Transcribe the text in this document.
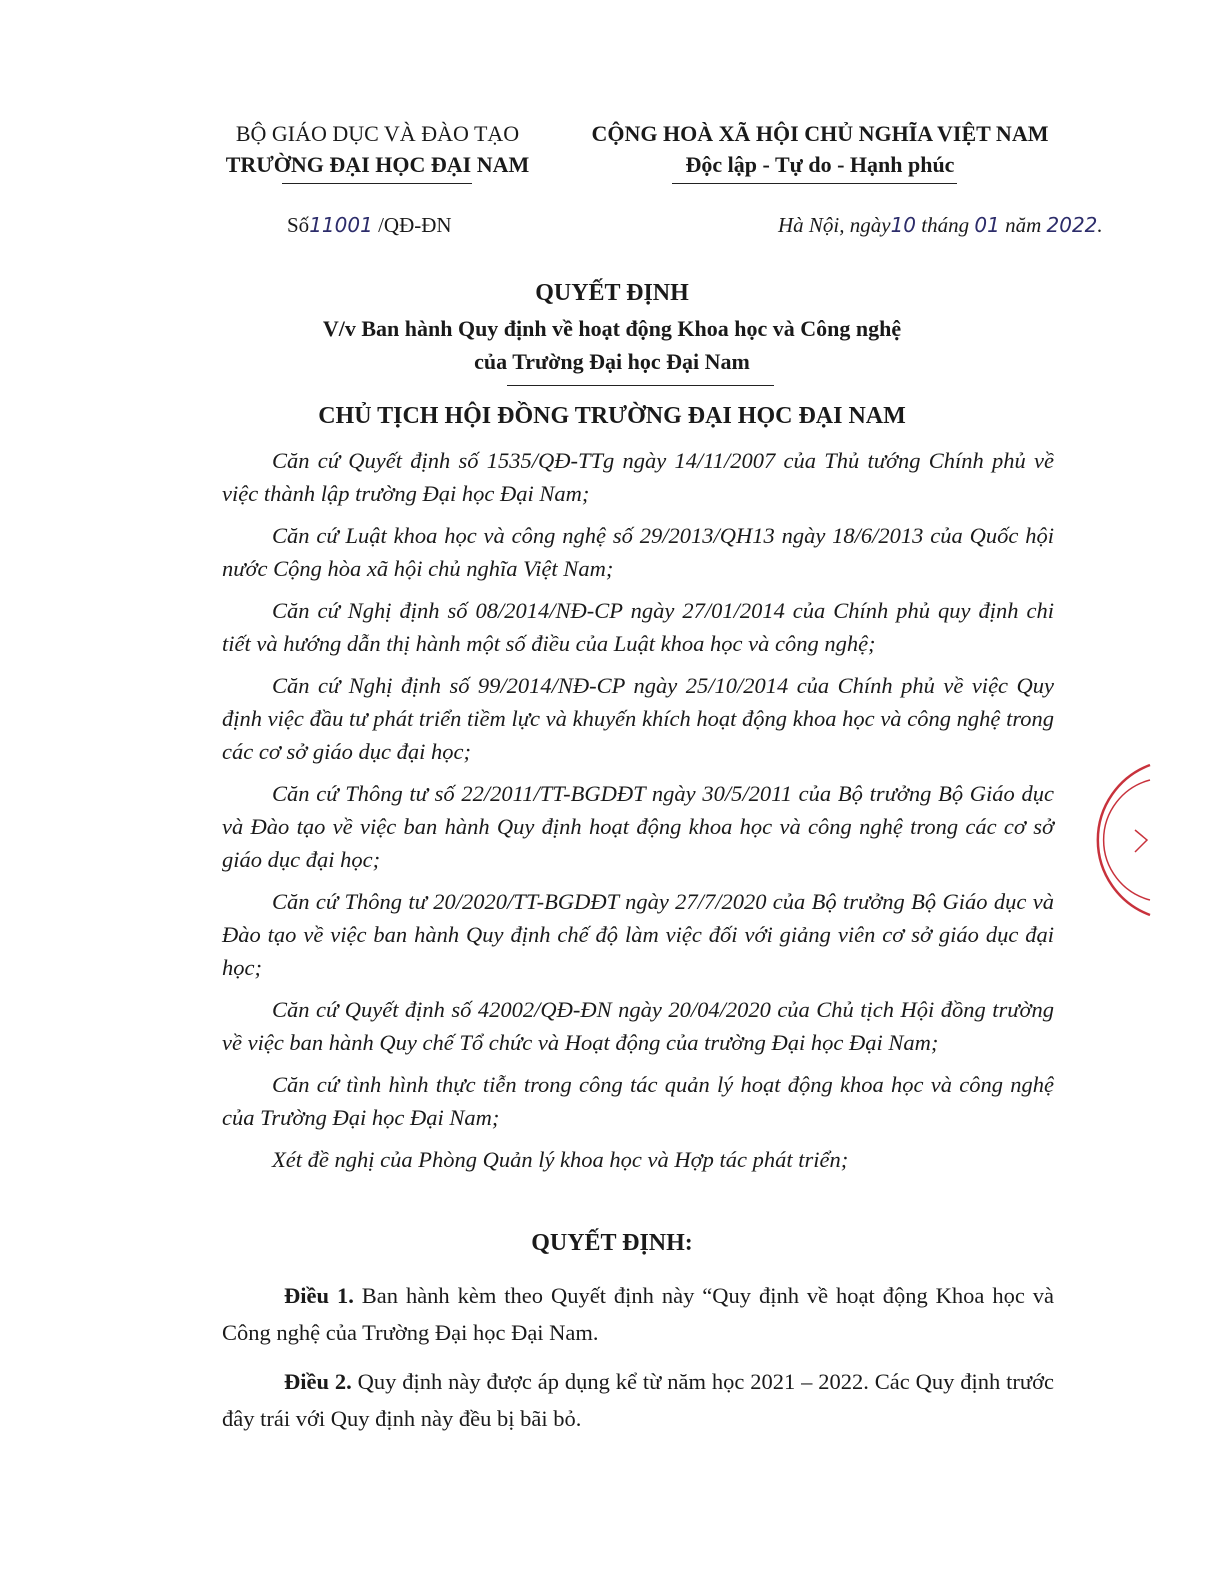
BỘ GIÁO DỤC VÀ ĐÀO TẠO
TRƯỜNG ĐẠI HỌC ĐẠI NAM
CỘNG HOÀ XÃ HỘI CHỦ NGHĨA VIỆT NAM
Độc lập - Tự do - Hạnh phúc
Số11001 /QĐ-ĐN	Hà Nội, ngày10 tháng 01 năm 2022.
QUYẾT ĐỊNH
V/v Ban hành Quy định về hoạt động Khoa học và Công nghệ
của Trường Đại học Đại Nam
CHỦ TỊCH HỘI ĐỒNG TRƯỜNG ĐẠI HỌC ĐẠI NAM

Căn cứ Quyết định số 1535/QĐ-TTg ngày 14/11/2007 của Thủ tướng Chính phủ về việc thành lập trường Đại học Đại Nam;

Căn cứ Luật khoa học và công nghệ số 29/2013/QH13 ngày 18/6/2013 của Quốc hội nước Cộng hòa xã hội chủ nghĩa Việt Nam;

Căn cứ Nghị định số 08/2014/NĐ-CP ngày 27/01/2014 của Chính phủ quy định chi tiết và hướng dẫn thị hành một số điều của Luật khoa học và công nghệ;

Căn cứ Nghị định số 99/2014/NĐ-CP ngày 25/10/2014 của Chính phủ về việc Quy định việc đầu tư phát triển tiềm lực và khuyến khích hoạt động khoa học và công nghệ trong các cơ sở giáo dục đại học;

Căn cứ Thông tư số 22/2011/TT-BGDĐT ngày 30/5/2011 của Bộ trưởng Bộ Giáo dục và Đào tạo về việc ban hành Quy định hoạt động khoa học và công nghệ trong các cơ sở giáo dục đại học;

Căn cứ Thông tư 20/2020/TT-BGDĐT ngày 27/7/2020 của Bộ trưởng Bộ Giáo dục và Đào tạo về việc ban hành Quy định chế độ làm việc đối với giảng viên cơ sở giáo dục đại học;

Căn cứ Quyết định số 42002/QĐ-ĐN ngày 20/04/2020 của Chủ tịch Hội đồng trường về việc ban hành Quy chế Tổ chức và Hoạt động của trường Đại học Đại Nam;

Căn cứ tình hình thực tiễn trong công tác quản lý hoạt động khoa học và công nghệ của Trường Đại học Đại Nam;

Xét đề nghị của Phòng Quản lý khoa học và Hợp tác phát triển;

QUYẾT ĐỊNH:

Điều 1. Ban hành kèm theo Quyết định này “Quy định về hoạt động Khoa học và Công nghệ của Trường Đại học Đại Nam.

Điều 2. Quy định này được áp dụng kể từ năm học 2021 – 2022. Các Quy định trước đây trái với Quy định này đều bị bãi bỏ.
